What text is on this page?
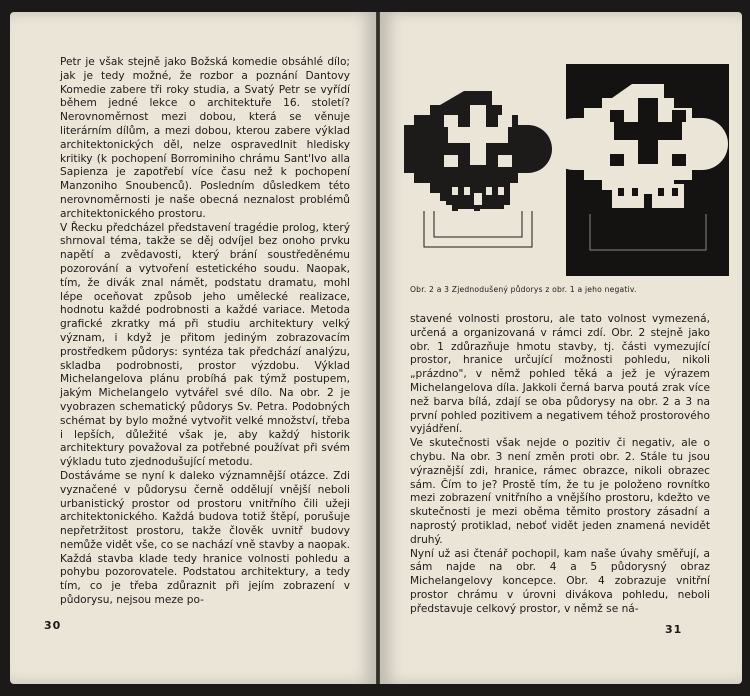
Petr je však stejně jako Božská komedie obsáhlé dílo; jak je tedy možné, že rozbor a poznání Dantovy Komedie zabere tři roky studia, a Svatý Petr se vyřídí během jedné lekce o architektuře 16. století? Nerovnoměrnost mezi dobou, která se věnuje literárním dílům, a mezi dobou, kterou zabere výklad architektonických děl, nelze ospravedlnit hledisky kritiky (k pochopení Borrominiho chrámu Sant'Ivo alla Sapienza je zapotřebí více času než k pochopení Manzoniho Snoubenců). Posledním důsledkem této nerovnoměrnosti je naše obecná neznalost problémů architektonického prostoru.

V Řecku předcházel představení tragédie prolog, který shrnoval téma, takže se děj odvíjel bez onoho prvku napětí a zvědavosti, který brání soustředěnému pozorování a vytvoření estetického soudu. Naopak, tím, že divák znal námět, podstatu dramatu, mohl lépe oceňovat způsob jeho umělecké realizace, hodnotu každé podrobnosti a každé variace. Metoda grafické zkratky má při studiu architektury velký význam, i když je přitom jediným zobrazovacím prostředkem půdorys: syntéza tak předchází analýzu, skladba podrobnosti, prostor výzdobu. Výklad Michelangelova plánu probíhá pak týmž postupem, jakým Michelangelo vytvářel své dílo. Na obr. 2 je vyobrazen schematický půdorys Sv. Petra. Podobných schémat by bylo možné vytvořit velké množství, třeba i lepších, důležité však je, aby každý historik architektury považoval za potřebné používat při svém výkladu tuto zjednodušující metodu.

Dostáváme se nyní k daleko významnější otázce. Zdi vyznačené v půdorysu černě oddělují vnější neboli urbanistický prostor od prostoru vnitřního čili užeji architektonického. Každá budova totiž štěpí, porušuje nepřetržitost prostoru, takže člověk uvnitř budovy nemůže vidět vše, co se nachází vně stavby a naopak. Každá stavba klade tedy hranice volnosti pohledu a pohybu pozorovatele. Podstatou architektury, a tedy tím, co je třeba zdůraznit při jejím zobrazení v půdorysu, nejsou meze po-

30
Obr. 2 a 3 Zjednodušený půdorys z obr. 1 a jeho negativ.

stavené volnosti prostoru, ale tato volnost vymezená, určená a organizovaná v rámci zdí. Obr. 2 stejně jako obr. 1 zdůrazňuje hmotu stavby, tj. části vymezující prostor, hranice určující možnosti pohledu, nikoli „prázdno", v němž pohled těká a jež je výrazem Michelangelova díla. Jakkoli černá barva poutá zrak více než barva bílá, zdají se oba půdorysy na obr. 2 a 3 na první pohled pozitivem a negativem téhož prostorového vyjádření.

Ve skutečnosti však nejde o pozitiv či negativ, ale o chybu. Na obr. 3 není změn proti obr. 2. Stále tu jsou výraznější zdi, hranice, rámec obrazce, nikoli obrazec sám. Čím to je? Prostě tím, že tu je položeno rovnítko mezi zobrazení vnitřního a vnějšího prostoru, kdežto ve skutečnosti je mezi oběma těmito prostory zásadní a naprostý protiklad, neboť vidět jeden znamená nevidět druhý.

Nyní už asi čtenář pochopil, kam naše úvahy směřují, a sám najde na obr. 4 a 5 půdorysný obraz Michelangelovy koncepce. Obr. 4 zobrazuje vnitřní prostor chrámu v úrovni divákova pohledu, neboli představuje celkový prostor, v němž se ná-

31
